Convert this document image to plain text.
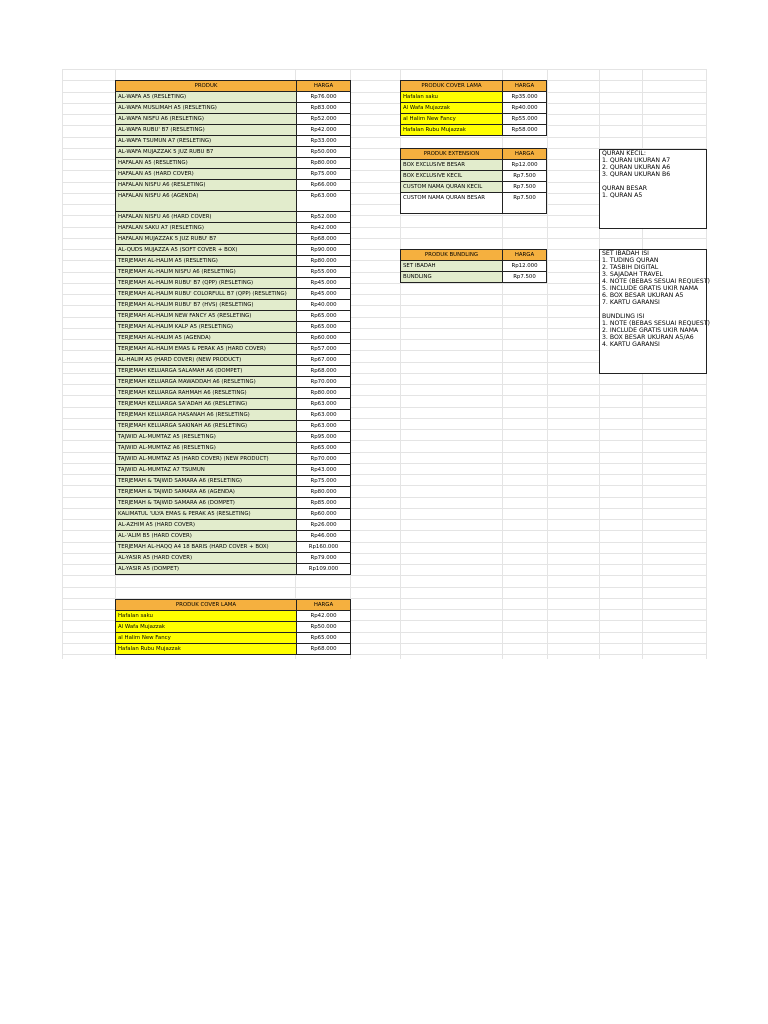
PRODUK	HARGA
AL-WAFA A5 (RESLETING)	Rp76.000
AL-WAFA MUSLIMAH A5 (RESLETING)	Rp83.000
AL-WAFA NISFU A6 (RESLETING)	Rp52.000
AL-WAFA RUBU' B7 (RESLETING)	Rp42.000
AL-WAFA TSUMUN A7 (RESLETING)	Rp33.000
AL-WAFA MUJAZZAK 5 JUZ RUBU B7	Rp50.000
HAFALAN A5 (RESLETING)	Rp80.000
HAFALAN A5 (HARD COVER)	Rp75.000
HAFALAN NISFU A6 (RESLETING)	Rp66.000
HAFALAN NISFU A6 (AGENDA)	Rp63.000
HAFALAN NISFU A6 (HARD COVER)	Rp52.000
HAFALAN SAKU A7 (RESLETING)	Rp42.000
HAFALAN MUJAZZAK 5 JUZ RUBU' B7	Rp68.000
AL-QUDS MUJAZZA A5 (SOFT COVER + BOX)	Rp90.000
TERJEMAH AL-HALIM A5 (RESLETING)	Rp80.000
TERJEMAH AL-HALIM NISFU A6 (RESLETING)	Rp55.000
TERJEMAH AL-HALIM RUBU' B7 (QPP) (RESLETING)	Rp45.000
TERJEMAH AL-HALIM RUBU' COLORFULL B7 (QPP) (RESLETING)	Rp45.000
TERJEMAH AL-HALIM RUBU' B7 (HVS) (RESLETING)	Rp40.000
TERJEMAH AL-HALIM NEW FANCY A5 (RESLETING)	Rp65.000
TERJEMAH AL-HALIM KALP A5 (RESLETING)	Rp65.000
TERJEMAH AL-HALIM A5 (AGENDA)	Rp60.000
TERJEMAH AL-HALIM EMAS & PERAK A5 (HARD COVER)	Rp57.000
AL-HALIM A5 (HARD COVER) (NEW PRODUCT)	Rp67.000
TERJEMAH KELUARGA SALAMAH A6 (DOMPET)	Rp68.000
TERJEMAH KELUARGA MAWADDAH A6 (RESLETING)	Rp70.000
TERJEMAH KELUARGA RAHMAH A6 (RESLETING)	Rp80.000
TERJEMAH KELUARGA SA'ADAH A6 (RESLETING)	Rp63.000
TERJEMAH KELUARGA HASANAH A6 (RESLETING)	Rp63.000
TERJEMAH KELUARGA SAKINAH A6 (RESLETING)	Rp63.000
TAJWID AL-MUMTAZ A5 (RESLETING)	Rp95.000
TAJWID AL-MUMTAZ A6 (RESLETING)	Rp65.000
TAJWID AL-MUMTAZ A5 (HARD COVER) (NEW PRODUCT)	Rp70.000
TAJWID AL-MUMTAZ A7 TSUMUN	Rp43.000
TERJEMAH & TAJWID SAMARA A6 (RESLETING)	Rp75.000
TERJEMAH & TAJWID SAMARA A6 (AGENDA)	Rp80.000
TERJEMAH & TAJWID SAMARA A6 (DOMPET)	Rp85.000
KALIMATUL 'ULYA EMAS & PERAK A5 (RESLETING)	Rp60.000
AL-AZHIM A5 (HARD COVER)	Rp26.000
AL-'ALIM B5 (HARD COVER)	Rp46.000
TERJEMAH AL-HAQQ A4 18 BARIS (HARD COVER + BOX)	Rp160.000
AL-YASIR A5 (HARD COVER)	Rp79.000
AL-YASIR A5 (DOMPET)	Rp109.000
PRODUK COVER LAMA	HARGA
Hafalan saku	Rp42.000
Al Wafa Mujazzak	Rp50.000
al Halim New Fancy	Rp65.000
Hafalan Rubu Mujazzak	Rp68.000
PRODUK COVER LAMA	HARGA
Hafalan saku	Rp35.000
Al Wafa Mujazzak	Rp40.000
al Halim New Fancy	Rp55.000
Hafalan Rubu Mujazzak	Rp58.000
PRODUK EXTENSION	HARGA
BOX EXCLUSIVE BESAR	Rp12.000
BOX EXCLUSIVE KECIL	Rp7.500
CUSTOM NAMA QURAN KECIL	Rp7.500
CUSTOM NAMA QURAN BESAR	Rp7.500
PRODUK BUNDLING	HARGA
SET IBADAH	Rp12.000
BUNDLING	Rp7.500
QURAN KECIL:
1. QURAN UKURAN A7
2. QURAN UKURAN A6
3. QURAN UKURAN B6
QURAN BESAR
1. QURAN A5
SET IBADAH ISI
1. TUDING QURAN
2. TASBIH DIGITAL
3. SAJADAH TRAVEL
4. NOTE (BEBAS SESUAI REQUEST)
5. INCLUDE GRATIS UKIR NAMA
6. BOX BESAR UKURAN A5
7. KARTU GARANSI
BUNDLING ISI
1. NOTE (BEBAS SESUAI REQUEST)
2. INCLUDE GRATIS UKIR NAMA
3. BOX BESAR UKURAN A5/A6
4. KARTU GARANSI
